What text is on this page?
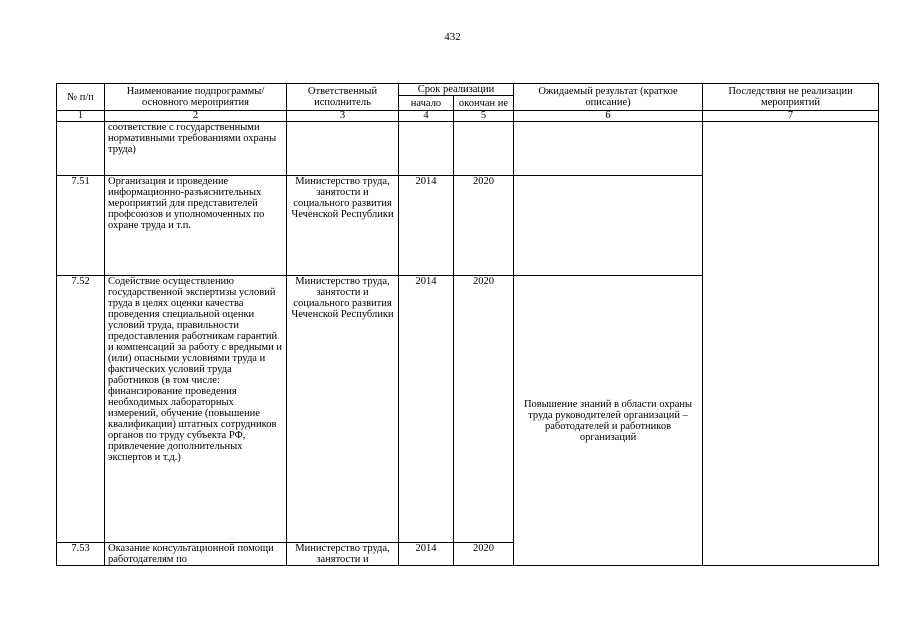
432
№ п/п	Наименование подпрограммы/ основного мероприятия	Ответственный исполнитель	Срок реализации		Ожидаемый результат (краткое описание)	Последствия не реализации мероприятий
			начало	окончан ие		
1	2	3	4	5	6	7
	соответствие с государственными нормативными требованиями охраны труда)					
7.51	Организация и проведение информационно-разъяснительных мероприятий для представителей профсоюзов и уполномоченных по охране труда и т.п.	Министерство труда, занятости и социального развития Чеченской Республики	2014	2020		
7.52	Содействие осуществлению государственной экспертизы условий труда в целях оценки качества проведения специальной оценки условий труда, правильности предоставления работникам гарантий и компенсаций за работу с вредными и (или) опасными условиями труда и фактических условий труда работников (в том числе: финансирование проведения необходимых лабораторных измерений, обучение (повышение квалификации) штатных сотрудников органов по труду субъекта РФ, привлечение дополнительных экспертов и т.д.)	Министерство труда, занятости и социального развития Чеченской Республики	2014	2020	Повышение знаний в области охраны труда руководителей организаций – работодателей и работников организаций	
7.53	Оказание консультационной помощи работодателям по	Министерство труда, занятости и	2014	2020		
